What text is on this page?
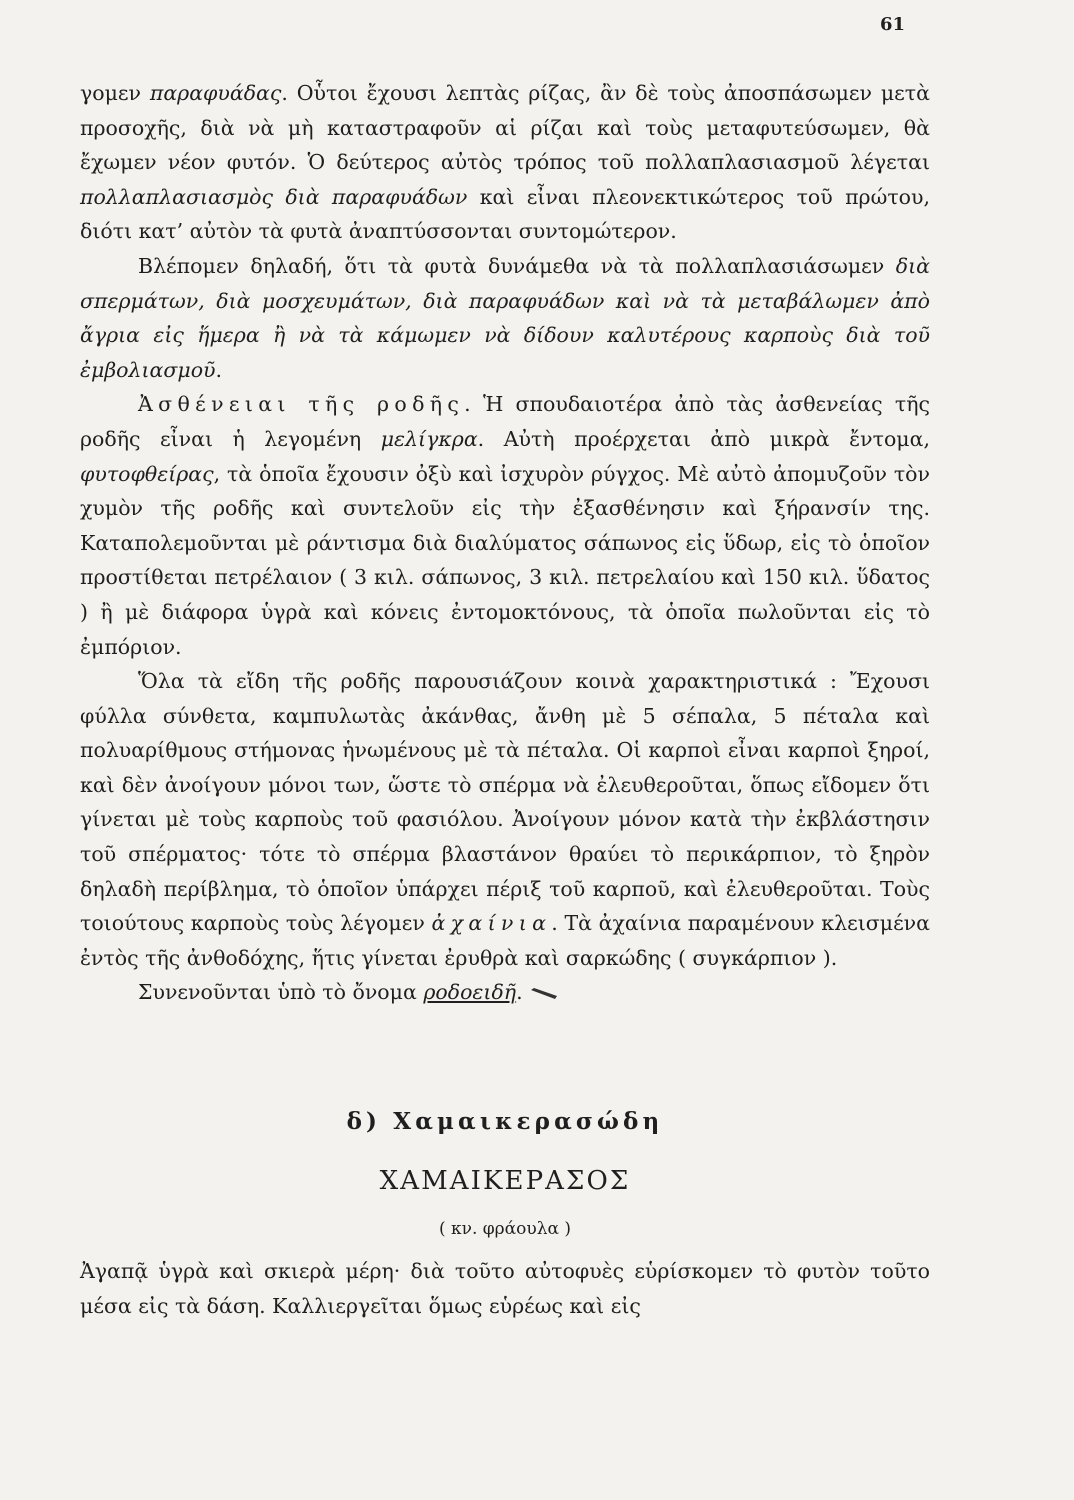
61

γομεν παραφυάδας. Οὗτοι ἔχουσι λεπτὰς ρίζας, ἂν δὲ τοὺς ἀποσπάσωμεν μετὰ προσοχῆς, διὰ νὰ μὴ καταστραφοῦν αἱ ρίζαι καὶ τοὺς μεταφυτεύσωμεν, θὰ ἔχωμεν νέον φυτόν. Ὁ δεύτερος αὐτὸς τρόπος τοῦ πολλαπλασιασμοῦ λέγεται πολλαπλασιασμὸς διὰ παραφυάδων καὶ εἶναι πλεονεκτικώτερος τοῦ πρώτου, διότι κατ’ αὐτὸν τὰ φυτὰ ἀναπτύσσονται συντομώτερον.

Βλέπομεν δηλαδή, ὅτι τὰ φυτὰ δυνάμεθα νὰ τὰ πολλαπλασιάσωμεν διὰ σπερμάτων, διὰ μοσχευμάτων, διὰ παραφυάδων καὶ νὰ τὰ μεταβάλωμεν ἀπὸ ἄγρια εἰς ἥμερα ἢ νὰ τὰ κάμωμεν νὰ δίδουν καλυτέρους καρποὺς διὰ τοῦ ἐμβολιασμοῦ.

Ἀσθένειαι τῆς ροδῆς. Ἡ σπουδαιοτέρα ἀπὸ τὰς ἀσθενείας τῆς ροδῆς εἶναι ἡ λεγομένη μελίγκρα. Αὐτὴ προέρχεται ἀπὸ μικρὰ ἔντομα, φυτοφθείρας, τὰ ὁποῖα ἔχουσιν ὀξὺ καὶ ἰσχυρὸν ρύγχος. Μὲ αὐτὸ ἀπομυζοῦν τὸν χυμὸν τῆς ροδῆς καὶ συντελοῦν εἰς τὴν ἐξασθένησιν καὶ ξήρανσίν της. Καταπολεμοῦνται μὲ ράντισμα διὰ διαλύματος σάπωνος εἰς ὕδωρ, εἰς τὸ ὁποῖον προστίθεται πετρέλαιον ( 3 κιλ. σάπωνος, 3 κιλ. πετρελαίου καὶ 150 κιλ. ὕδατος ) ἢ μὲ διάφορα ὑγρὰ καὶ κόνεις ἐντομοκτόνους, τὰ ὁποῖα πωλοῦνται εἰς τὸ ἐμπόριον.

Ὅλα τὰ εἴδη τῆς ροδῆς παρουσιάζουν κοινὰ χαρακτηριστικά : Ἔχουσι φύλλα σύνθετα, καμπυλωτὰς ἀκάνθας, ἄνθη μὲ 5 σέπαλα, 5 πέταλα καὶ πολυαρίθμους στήμονας ἡνωμένους μὲ τὰ πέταλα. Οἱ καρποὶ εἶναι καρποὶ ξηροί, καὶ δὲν ἀνοίγουν μόνοι των, ὥστε τὸ σπέρμα νὰ ἐλευθεροῦται, ὅπως εἴδομεν ὅτι γίνεται μὲ τοὺς καρποὺς τοῦ φασιόλου. Ἀνοίγουν μόνον κατὰ τὴν ἐκβλάστησιν τοῦ σπέρματος· τότε τὸ σπέρμα βλαστάνον θραύει τὸ περικάρπιον, τὸ ξηρὸν δηλαδὴ περίβλημα, τὸ ὁποῖον ὑπάρχει πέριξ τοῦ καρποῦ, καὶ ἐλευθεροῦται. Τοὺς τοιούτους καρποὺς τοὺς λέγομεν ἀχαίνια. Τὰ ἀχαίνια παραμένουν κλεισμένα ἐντὸς τῆς ἀνθοδόχης, ἥτις γίνεται ἐρυθρὰ καὶ σαρκώδης ( συγκάρπιον ).

Συνενοῦνται ὑπὸ τὸ ὄνομα ροδοειδῆ.

δ) Χαμαικερασώδη
ΧΑΜΑΙΚΕΡΑΣΟΣ
( κν. φράουλα )

Ἀγαπᾷ ὑγρὰ καὶ σκιερὰ μέρη· διὰ τοῦτο αὐτοφυὲς εὑρίσκομεν τὸ φυτὸν τοῦτο μέσα εἰς τὰ δάση. Καλλιεργεῖται ὅμως εὑρέως καὶ εἰς
